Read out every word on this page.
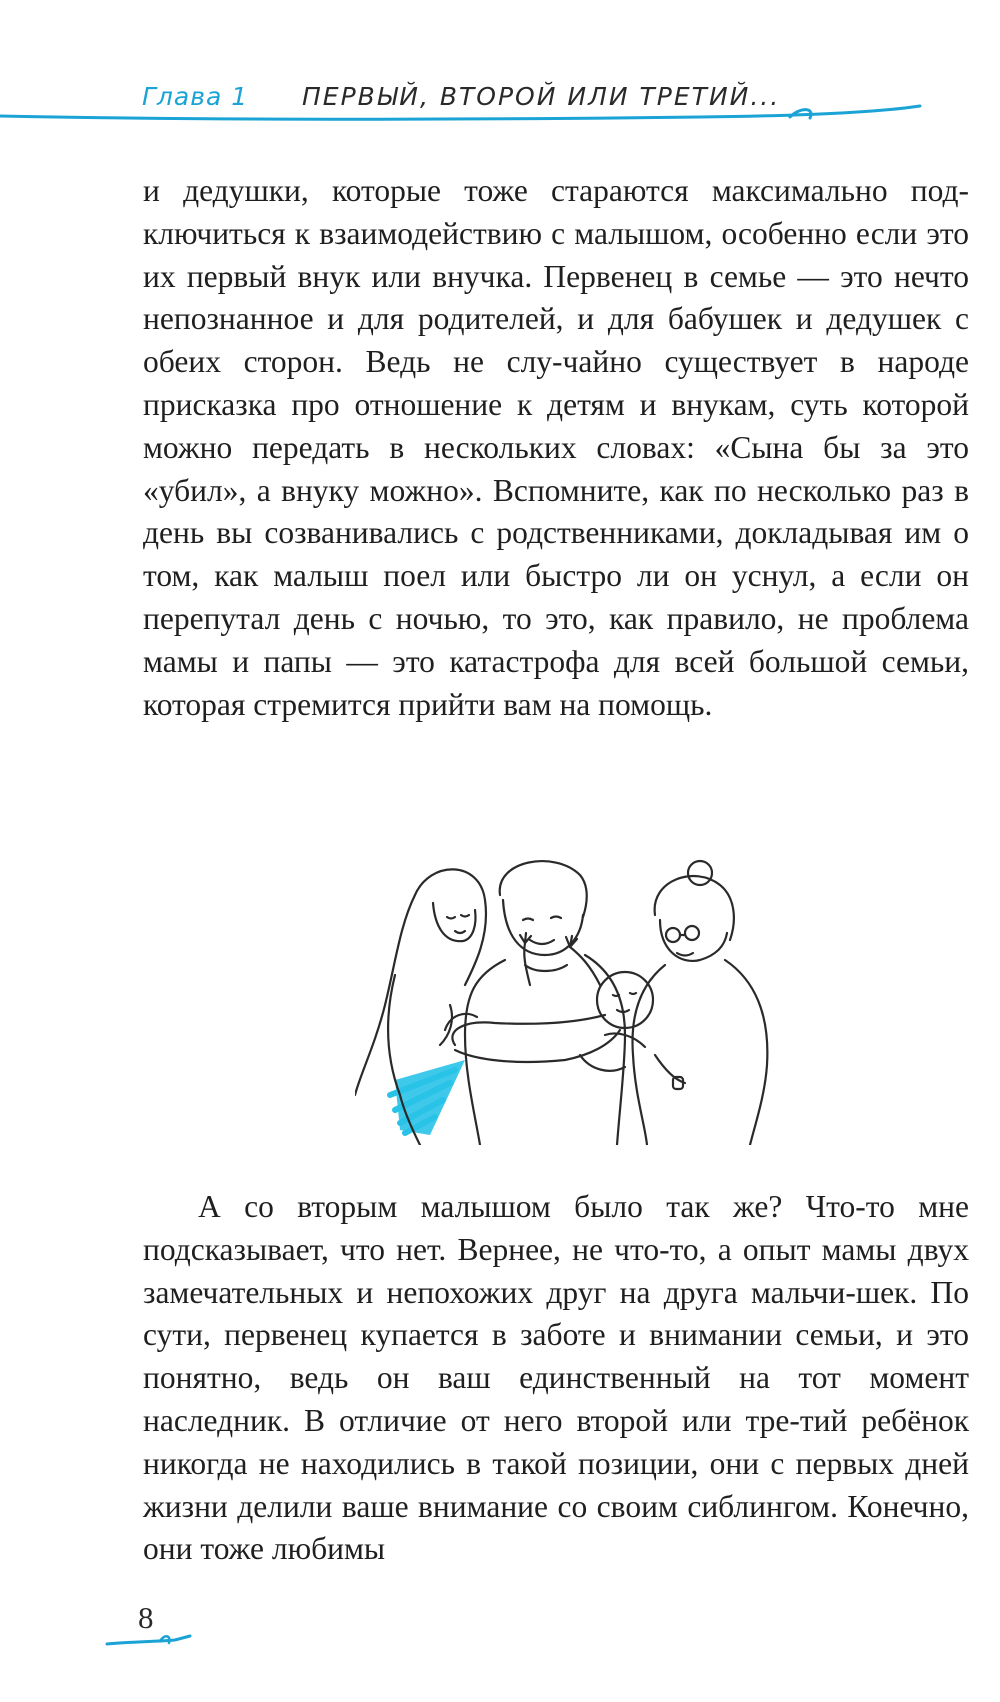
Глава 1 ПЕРВЫЙ, ВТОРОЙ ИЛИ ТРЕТИЙ...

и дедушки, которые тоже стараются максимально под-ключиться к взаимодействию с малышом, особенно если это их первый внук или внучка. Первенец в семье — это нечто непознанное и для родителей, и для бабушек и дедушек с обеих сторон. Ведь не слу-чайно существует в народе присказка про отношение к детям и внукам, суть которой можно передать в нескольких словах: «Сына бы за это «убил», а внуку можно». Вспомните, как по несколько раз в день вы созванивались с родственниками, докладывая им о том, как малыш поел или быстро ли он уснул, а если он перепутал день с ночью, то это, как правило, не проблема мамы и папы — это катастрофа для всей большой семьи, которая стремится прийти вам на помощь.

А со вторым малышом было так же? Что-то мне подсказывает, что нет. Вернее, не что-то, а опыт мамы двух замечательных и непохожих друг на друга мальчи-шек. По сути, первенец купается в заботе и внимании семьи, и это понятно, ведь он ваш единственный на тот момент наследник. В отличие от него второй или тре-тий ребёнок никогда не находились в такой позиции, они с первых дней жизни делили ваше внимание со своим сиблингом. Конечно, они тоже любимы

8
